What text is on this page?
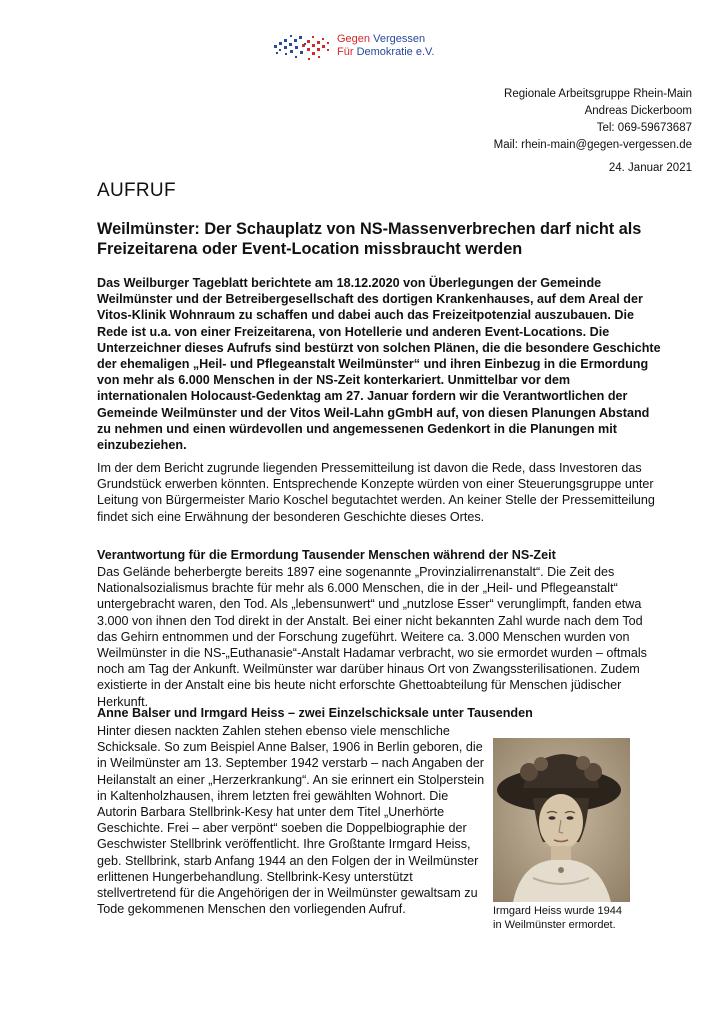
Gegen Vergessen
Für Demokratie e.V.
Regionale Arbeitsgruppe Rhein-Main
Andreas Dickerboom
Tel: 069-59673687
Mail: rhein-main@gegen-vergessen.de
24. Januar 2021
AUFRUF
Weilmünster: Der Schauplatz von NS-Massenverbrechen darf nicht als Freizeitarena oder Event-Location missbraucht werden
Das Weilburger Tageblatt berichtete am 18.12.2020 von Überlegungen der Gemeinde Weilmünster und der Betreibergesellschaft des dortigen Krankenhauses, auf dem Areal der Vitos-Klinik Wohnraum zu schaffen und dabei auch das Freizeitpotenzial auszubauen. Die Rede ist u.a. von einer Freizeitarena, von Hotellerie und anderen Event-Locations. Die Unterzeichner dieses Aufrufs sind bestürzt von solchen Plänen, die die besondere Geschichte der ehemaligen „Heil- und Pflegeanstalt Weilmünster“ und ihren Einbezug in die Ermordung von mehr als 6.000 Menschen in der NS-Zeit konterkariert. Unmittelbar vor dem internationalen Holocaust-Gedenktag am 27. Januar fordern wir die Verantwortlichen der Gemeinde Weilmünster und der Vitos Weil-Lahn gGmbH auf, von diesen Planungen Abstand zu nehmen und einen würdevollen und angemessenen Gedenkort in die Planungen mit einzubeziehen.
Im der dem Bericht zugrunde liegenden Pressemitteilung ist davon die Rede, dass Investoren das Grundstück erwerben könnten. Entsprechende Konzepte würden von einer Steuerungsgruppe unter Leitung von Bürgermeister Mario Koschel begutachtet werden. An keiner Stelle der Pressemitteilung findet sich eine Erwähnung der besonderen Geschichte dieses Ortes.
Verantwortung für die Ermordung Tausender Menschen während der NS-Zeit
Das Gelände beherbergte bereits 1897 eine sogenannte „Provinzialirrenanstalt“. Die Zeit des Nationalsozialismus brachte für mehr als 6.000 Menschen, die in der „Heil- und Pflegeanstalt“ untergebracht waren, den Tod. Als „lebensunwert“ und „nutzlose Esser“ verunglimpft, fanden etwa 3.000 von ihnen den Tod direkt in der Anstalt. Bei einer nicht bekannten Zahl wurde nach dem Tod das Gehirn entnommen und der Forschung zugeführt. Weitere ca. 3.000 Menschen wurden von Weilmünster in die NS-„Euthanasie“-Anstalt Hadamar verbracht, wo sie ermordet wurden – oftmals noch am Tag der Ankunft. Weilmünster war darüber hinaus Ort von Zwangssterilisationen. Zudem existierte in der Anstalt eine bis heute nicht erforschte Ghettoabteilung für Menschen jüdischer Herkunft.
Anne Balser und Irmgard Heiss – zwei Einzelschicksale unter Tausenden
Hinter diesen nackten Zahlen stehen ebenso viele menschliche Schicksale. So zum Beispiel Anne Balser, 1906 in Berlin geboren, die in Weilmünster am 13. September 1942 verstarb – nach Angaben der Heilanstalt an einer „Herzerkrankung“. An sie erinnert ein Stolperstein in Kaltenholzhausen, ihrem letzten frei gewählten Wohnort. Die Autorin Barbara Stellbrink-Kesy hat unter dem Titel „Unerhörte Geschichte. Frei – aber verpönt“ soeben die Doppelbiographie der Geschwister Stellbrink veröffentlicht. Ihre Großtante Irmgard Heiss, geb. Stellbrink, starb Anfang 1944 an den Folgen der in Weilmünster erlittenen Hungerbehandlung. Stellbrink-Kesy unterstützt stellvertretend für die Angehörigen der in Weilmünster gewaltsam zu Tode gekommenen Menschen den vorliegenden Aufruf.	Irmgard Heiss wurde 1944
in Weilmünster ermordet.
